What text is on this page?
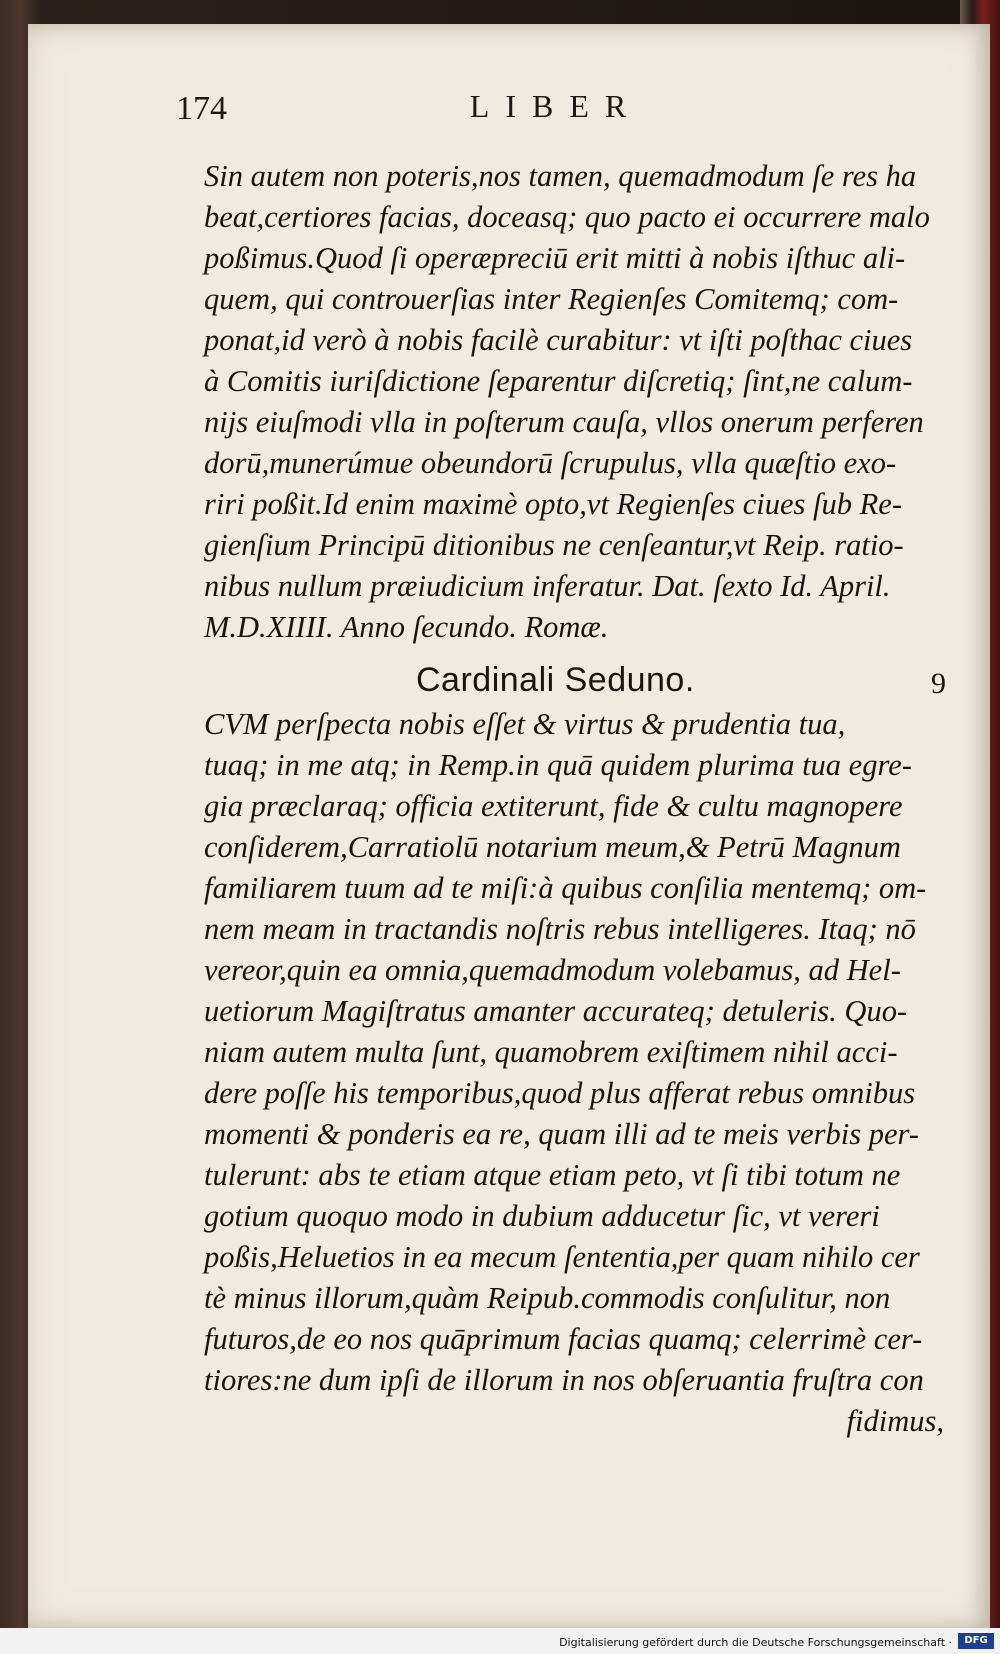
174	LIBER
Sin autem non poteris,nos tamen, quemadmodum ſe res ha
beat,certiores facias, doceasq; quo pacto ei occurrere malo
poßimus.Quod ſi operæpreciū erit mitti à nobis iſthuc ali-
quem, qui controuerſias inter Regienſes Comitemq; com-
ponat,id verò à nobis facilè curabitur: vt iſti poſthac ciues
à Comitis iuriſdictione ſeparentur diſcretiq; ſint,ne calum-
nijs eiuſmodi vlla in poſterum cauſa, vllos onerum perferen
dorū,munerúmue obeundorū ſcrupulus, vlla quæſtio exo-
riri poßit.Id enim maximè opto,vt Regienſes ciues ſub Re-
gienſium Principū ditionibus ne cenſeantur,vt Reip. ratio-
nibus nullum præiudicium inferatur. Dat. ſexto Id. April.
M.D.XIIII. Anno ſecundo. Romæ.
Cardinali Seduno.	9
CVM perſpecta nobis eſſet & virtus & prudentia tua,
tuaq; in me atq; in Remp.in quā quidem plurima tua egre-
gia præclaraq; officia extiterunt, fide & cultu magnopere
conſiderem,Carratiolū notarium meum,& Petrū Magnum
familiarem tuum ad te miſi:à quibus conſilia mentemq; om-
nem meam in tractandis noſtris rebus intelligeres. Itaq; nō
vereor,quin ea omnia,quemadmodum volebamus, ad Hel-
uetiorum Magiſtratus amanter accurateq; detuleris. Quo-
niam autem multa ſunt, quamobrem exiſtimem nihil acci-
dere poſſe his temporibus,quod plus afferat rebus omnibus
momenti & ponderis ea re, quam illi ad te meis verbis per-
tulerunt: abs te etiam atque etiam peto, vt ſi tibi totum ne
gotium quoquo modo in dubium adducetur ſic, vt vereri
poßis,Heluetios in ea mecum ſententia,per quam nihilo cer
tè minus illorum,quàm Reipub.commodis conſulitur, non
futuros,de eo nos quāprimum facias quamq; celerrimè cer-
tiores:ne dum ipſi de illorum in nos obſeruantia fruſtra con
fidimus,
Digitalisierung gefördert durch die Deutsche Forschungsgemeinschaft ·	DFG
